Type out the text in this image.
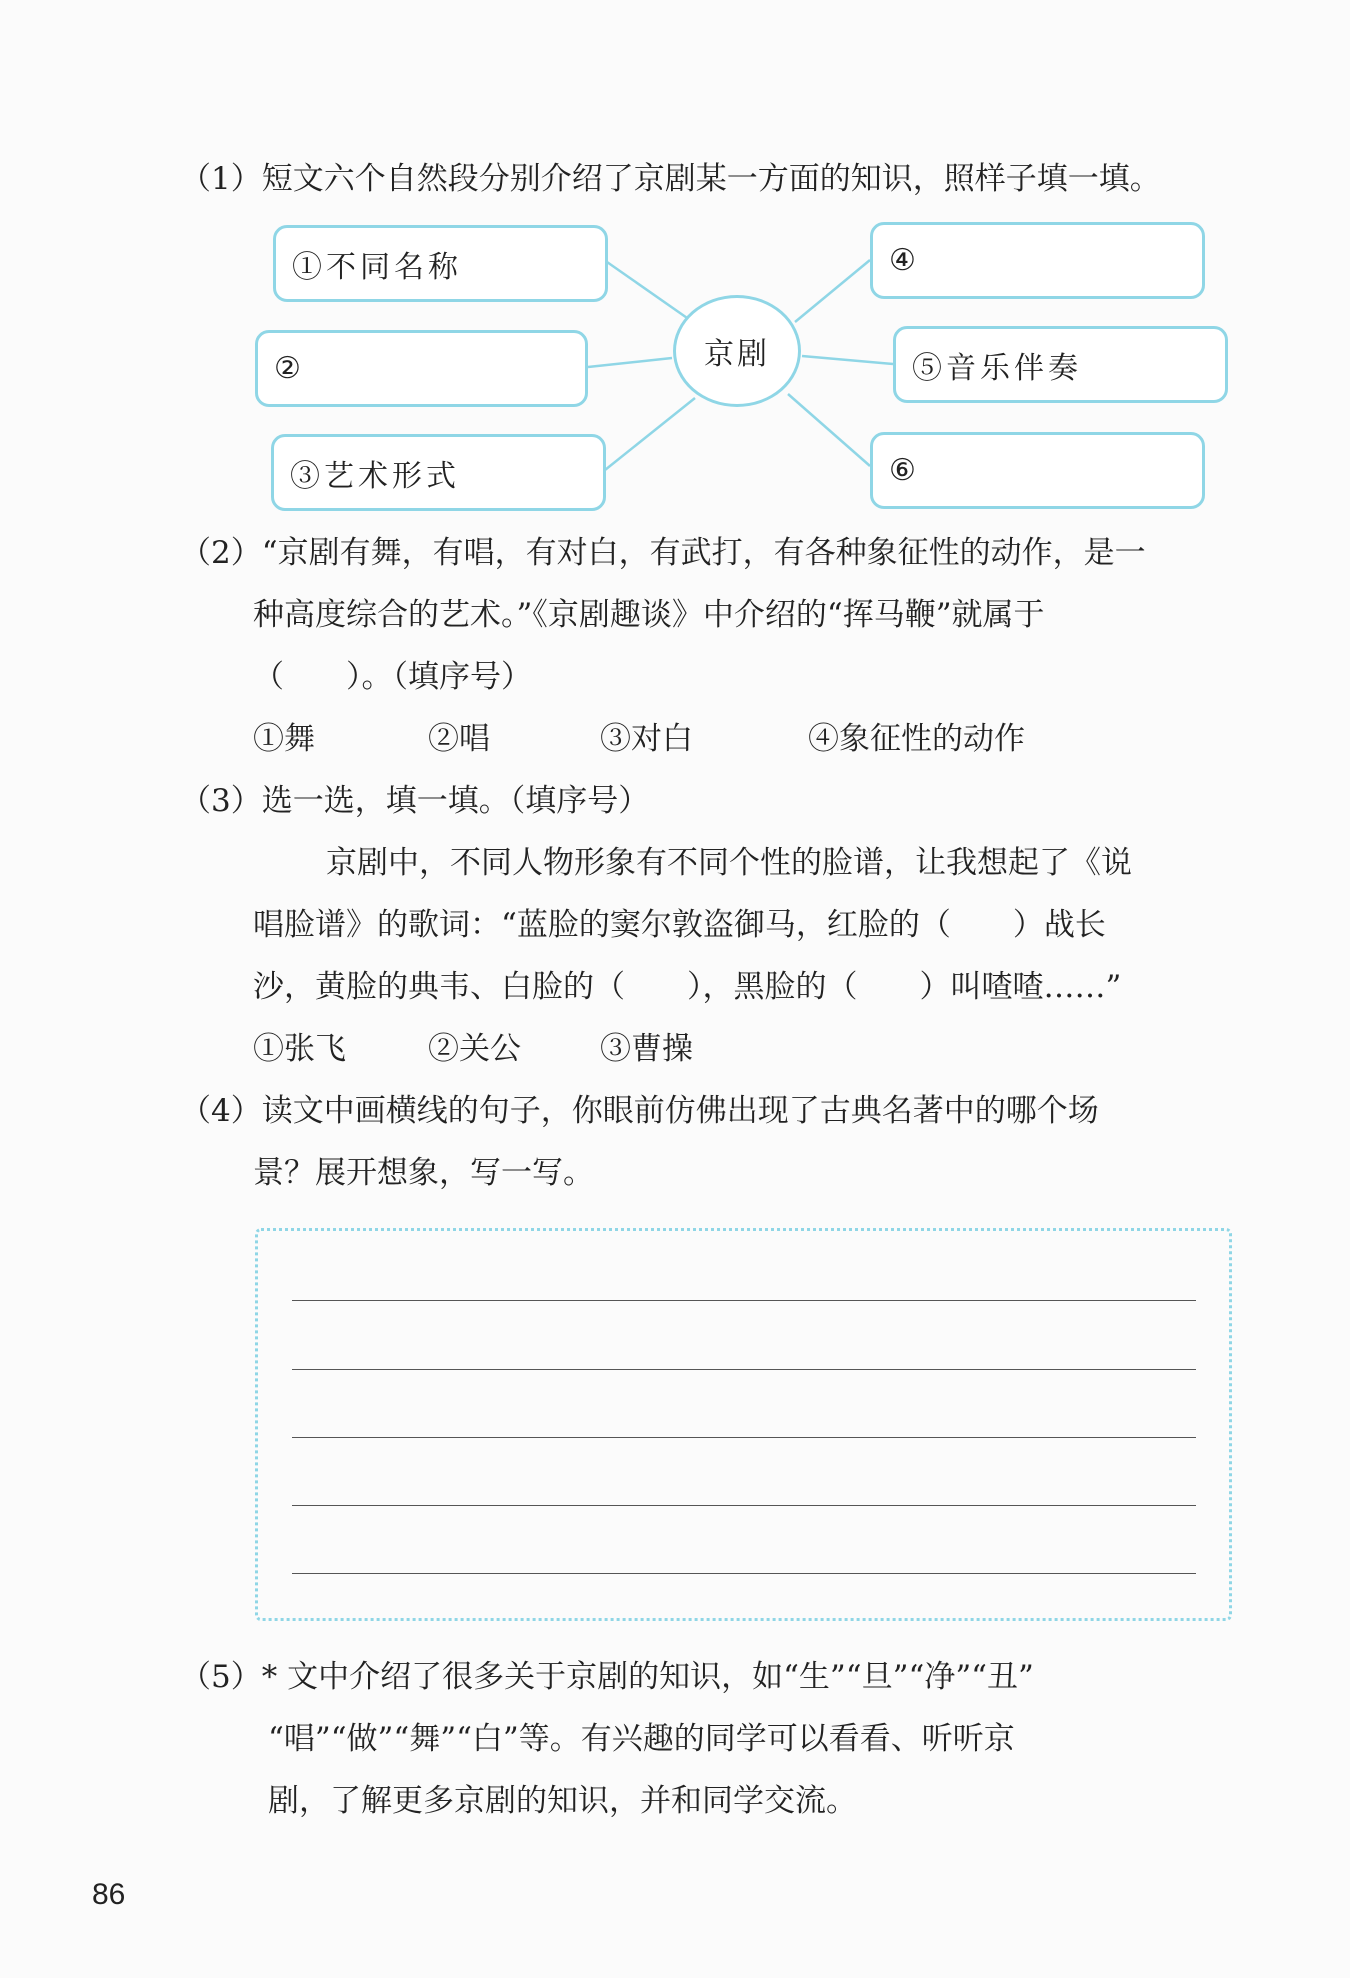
（1）短文六个自然段分别介绍了京剧某一方面的知识，照样子填一填。
京剧
①不同名称
②
③艺术形式
④
⑤音乐伴奏
⑥
（2）“京剧有舞，有唱，有对白，有武打，有各种象征性的动作，是一
种高度综合的艺术。”《京剧趣谈》中介绍的“挥马鞭”就属于
（　　）。（填序号）
①舞	②唱	③对白	④象征性的动作
（3）选一选，填一填。（填序号）
京剧中，不同人物形象有不同个性的脸谱，让我想起了《说
唱脸谱》的歌词：“蓝脸的窦尔敦盗御马，红脸的（　　）战长
沙，黄脸的典韦、白脸的（　　），黑脸的（　　）叫喳喳……”
①张飞	②关公	③曹操
（4）读文中画横线的句子，你眼前仿佛出现了古典名著中的哪个场
景？展开想象，写一写。
（5）* 文中介绍了很多关于京剧的知识，如“生”“旦”“净”“丑”
“唱”“做”“舞”“白”等。有兴趣的同学可以看看、听听京
剧，了解更多京剧的知识，并和同学交流。
86
